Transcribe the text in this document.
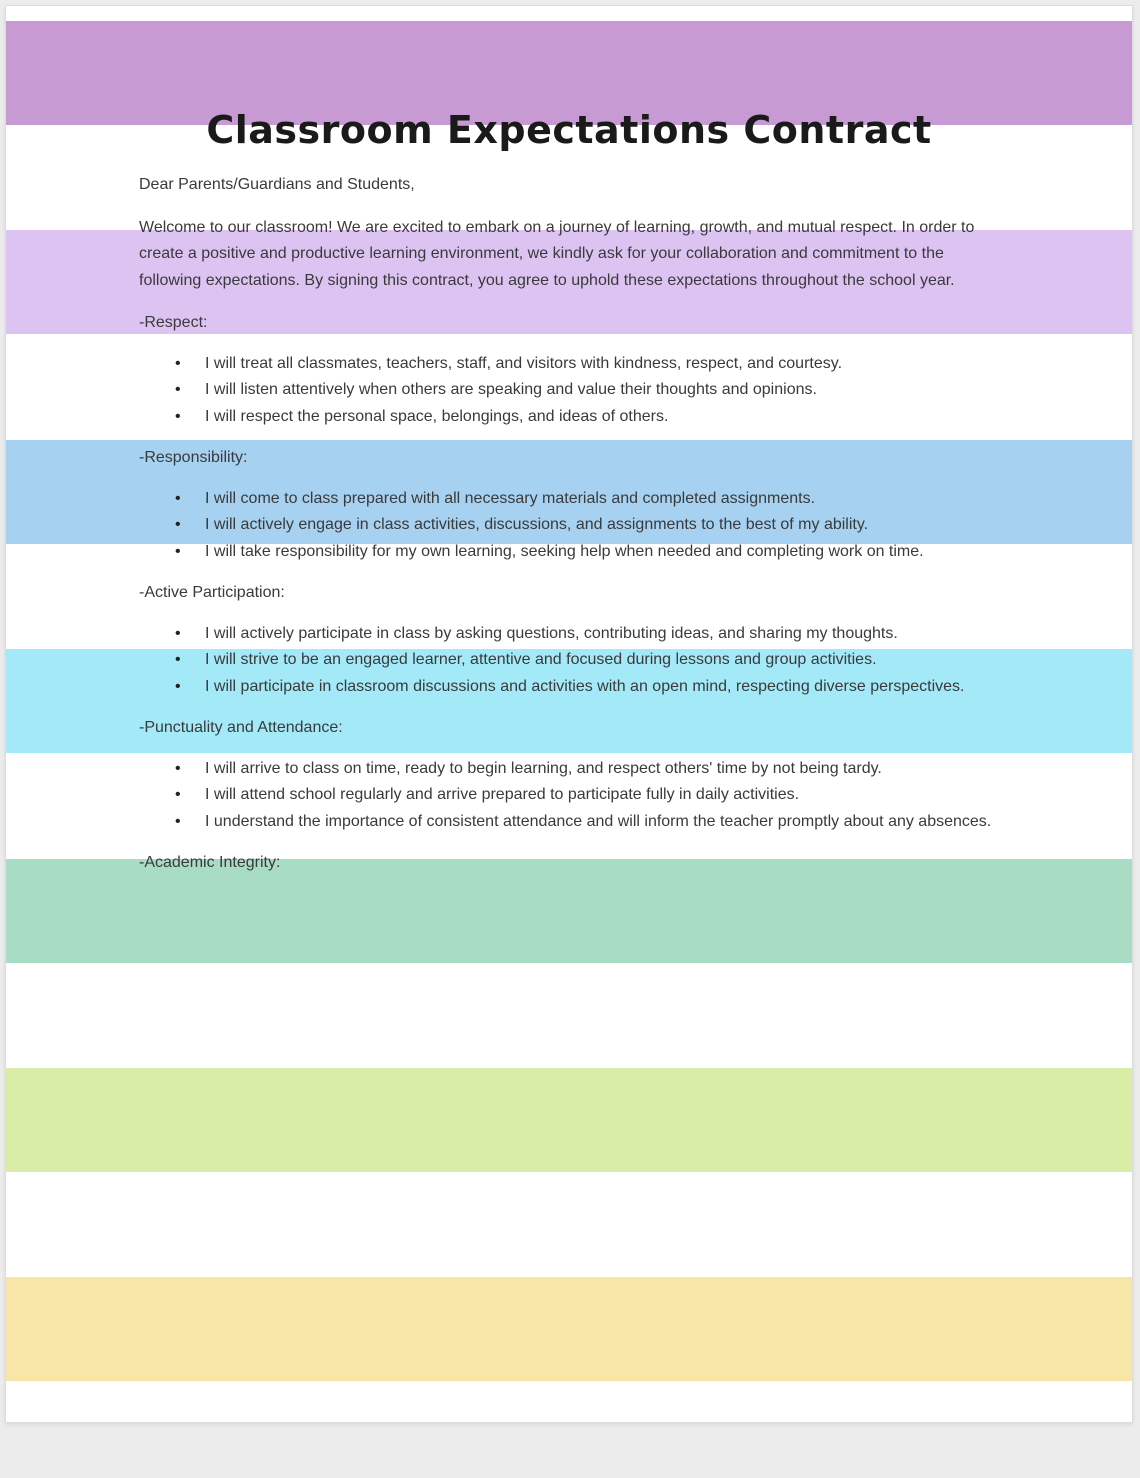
Classroom Expectations Contract

Dear Parents/Guardians and Students,

Welcome to our classroom! We are excited to embark on a journey of learning, growth, and mutual respect. In order to create a positive and productive learning environment, we kindly ask for your collaboration and commitment to the following expectations. By signing this contract, you agree to uphold these expectations throughout the school year.

-Respect:

• I will treat all classmates, teachers, staff, and visitors with kindness, respect, and courtesy.
• I will listen attentively when others are speaking and value their thoughts and opinions.
• I will respect the personal space, belongings, and ideas of others.

-Responsibility:

• I will come to class prepared with all necessary materials and completed assignments.
• I will actively engage in class activities, discussions, and assignments to the best of my ability.
• I will take responsibility for my own learning, seeking help when needed and completing work on time.

-Active Participation:

• I will actively participate in class by asking questions, contributing ideas, and sharing my thoughts.
• I will strive to be an engaged learner, attentive and focused during lessons and group activities.
• I will participate in classroom discussions and activities with an open mind, respecting diverse perspectives.

-Punctuality and Attendance:

• I will arrive to class on time, ready to begin learning, and respect others' time by not being tardy.
• I will attend school regularly and arrive prepared to participate fully in daily activities.
• I understand the importance of consistent attendance and will inform the teacher promptly about any absences.

-Academic Integrity:
